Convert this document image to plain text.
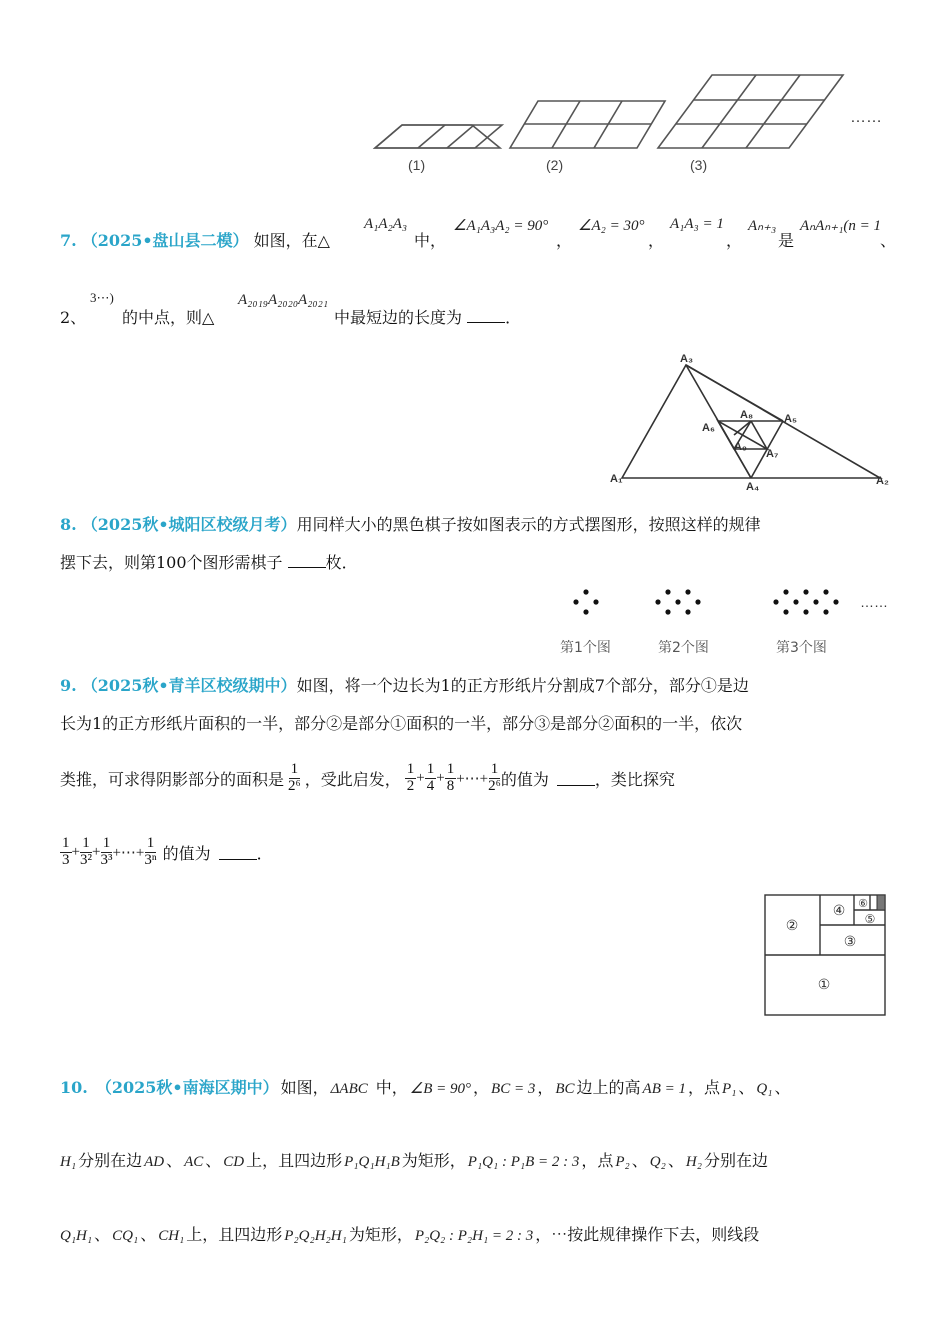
(1)	(2)	(3)
……
7. （2025•盘山县二模） 如图，在△
A₁A₂A₃
中，
∠A₁A₃A₂ = 90°
，
∠A₂ = 30°
，
A₁A₃ = 1
，
Aₙ₊₃
是
AₙAₙ₊₁(n = 1
、
2、
3⋯)
的中点，则△
A₂₀₁₉A₂₀₂₀A₂₀₂₁
中最短边的长度为	．
A₃
A₁	A₂
A₄
A₅
A₆
A₇
A₈
A₉
8. （2025秋•城阳区校级月考）用同样大小的黑色棋子按如图表示的方式摆图形，按照这样的规律
摆下去，则第100个图形需棋子	枚．
……
第1个图	第2个图	第3个图
9. （2025秋•青羊区校级期中）如图，将一个边长为1的正方形纸片分割成7个部分，部分①是边
长为1的正方形纸片面积的一半，部分②是部分①面积的一半，部分③是部分②面积的一半，依次
类推，可求得阴影部分的面积是 $\frac{1}{\text{2⁶}}$ ，受此启发， $\frac{1}{2} + \frac{1}{4} + \frac{1}{8}$ +⋯+ $\frac{1}{\text{2⁶}}$ 的值为	，类比探究
$\frac{1}{3} + \frac{1}{\text{3²}} + \frac{1}{\text{3³}}$ +⋯+ $\frac{1}{\text{3ⁿ}}$ 的值为	．
①
②
③
④
⑤
⑥
10. （2025秋•南海区期中） 如图， ΔABC 中， ∠B = 90° ， BC = 3 ， BC 边上的高 AB = 1 ，点 P₁ 、 Q₁ 、
H₁ 分别在边 AD 、 AC 、 CD 上，且四边形 P₁Q₁H₁B 为矩形， P₁Q₁ : P₁B = 2 : 3 ，点 P₂ 、 Q₂ 、 H₂ 分别在边
Q₁H₁ 、 CQ₁ 、 CH₁ 上，且四边形 P₂Q₂H₂H₁ 为矩形， P₂Q₂ : P₂H₁ = 2 : 3 ，⋯按此规律操作下去，则线段
